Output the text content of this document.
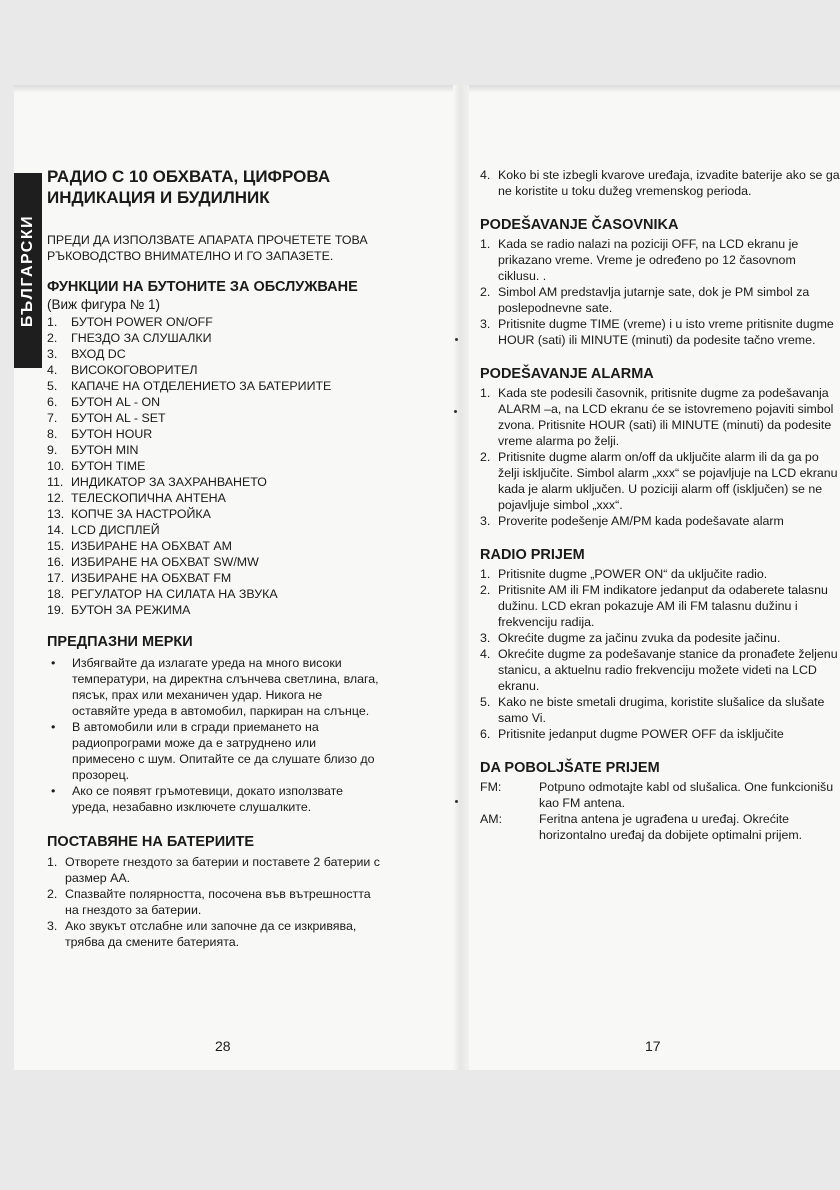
БЪЛГАРСКИ
РАДИО С 10 ОБХВАТА, ЦИФРОВА ИНДИКАЦИЯ И БУДИЛНИК

ПРЕДИ ДА ИЗПОЛЗВАТЕ АПАРАТА ПРОЧЕТЕТЕ ТОВА РЪКОВОДСТВО ВНИМАТЕЛНО И ГО ЗАПАЗЕТЕ.

ФУНКЦИИ НА БУТОНИТЕ ЗА ОБСЛУЖВАНЕ (Виж фигура № 1)
1. БУТОН POWER ON/OFF
2. ГНЕЗДО ЗА СЛУШАЛКИ
3. ВХОД DC
4. ВИСОКОГОВОРИТЕЛ
5. КАПАЧЕ НА ОТДЕЛЕНИЕТО ЗА БАТЕРИИТЕ
6. БУТОН AL - ON
7. БУТОН AL - SET
8. БУТОН HOUR
9. БУТОН MIN
10. БУТОН TIME
11. ИНДИКАТОР ЗА ЗАХРАНВАНЕТО
12. ТЕЛЕСКОПИЧНА АНТЕНА
13. КОПЧЕ ЗА НАСТРОЙКА
14. LCD ДИСПЛЕЙ
15. ИЗБИРАНЕ НА ОБХВАТ AM
16. ИЗБИРАНЕ НА ОБХВАТ SW/MW
17. ИЗБИРАНЕ НА ОБХВАТ FM
18. РЕГУЛАТОР НА СИЛАТА НА ЗВУКА
19. БУТОН ЗА РЕЖИМА
ПРЕДПАЗНИ МЕРКИ
• Избягвайте да излагате уреда на много високи температури, на директна слънчева светлина, влага, пясък, прах или механичен удар. Никога не оставяйте уреда в автомобил, паркиран на слънце.
• В автомобили или в сгради приемането на радиопрограми може да е затруднено или примесено с шум. Опитайте се да слушате близо до прозорец.
• Ако се появят гръмотевици, докато използвате уреда, незабавно изключете слушалките.
ПОСТАВЯНЕ НА БАТЕРИИТЕ
1. Отворете гнездото за батерии и поставете 2 батерии с размер AA.
2. Спазвайте полярността, посочена във вътрешността на гнездото за батерии.
3. Ако звукът отслабне или започне да се изкривява, трябва да смените батерията.
28
4. Koko bi ste izbegli kvarove uređaja, izvadite baterije ako se ga ne koristite u toku dužeg vremenskog perioda.
PODEŠAVANJE ČASOVNIKA
1. Kada se radio nalazi na poziciji OFF, na LCD ekranu je prikazano vreme. Vreme je određeno po 12 časovnom ciklusu. .
2. Simbol AM predstavlja jutarnje sate, dok je PM simbol za poslepodnevne sate.
3. Pritisnite dugme TIME (vreme) i u isto vreme pritisnite dugme HOUR (sati) ili MINUTE (minuti) da podesite tačno vreme.
PODEŠAVANJE ALARMA
1. Kada ste podesili časovnik, pritisnite dugme za podešavanja ALARM –a, na LCD ekranu će se istovremeno pojaviti simbol zvona. Pritisnite HOUR (sati) ili MINUTE (minuti) da podesite vreme alarma po želji.
2. Pritisnite dugme alarm on/off da uključite alarm ili da ga po želji isključite. Simbol alarm „xxx“ se pojavljuje na LCD ekranu kada je alarm uključen. U poziciji alarm off (isključen) se ne pojavljuje simbol „xxx“.
3. Proverite podešenje AM/PM kada podešavate alarm
RADIO PRIJEM
1. Pritisnite dugme „POWER ON“ da uključite radio.
2. Pritisnite AM ili FM indikatore jedanput da odaberete talasnu dužinu. LCD ekran pokazuje AM ili FM talasnu dužinu i frekvenciju radija.
3. Okrećite dugme za jačinu zvuka da podesite jačinu.
4. Okrećite dugme za podešavanje stanice da pronađete željenu stanicu, a aktuelnu radio frekvenciju možete videti na LCD ekranu.
5. Kako ne biste smetali drugima, koristite slušalice da slušate samo Vi.
6. Pritisnite jedanput dugme POWER OFF da isključite
DA POBOLJŠATE PRIJEM
FM:	Potpuno odmotajte kabl od slušalica. One funkcionišu kao FM antena.
AM:	Feritna antena je ugrađena u uređaj. Okrećite horizontalno uređaj da dobijete optimalni prijem.
17
